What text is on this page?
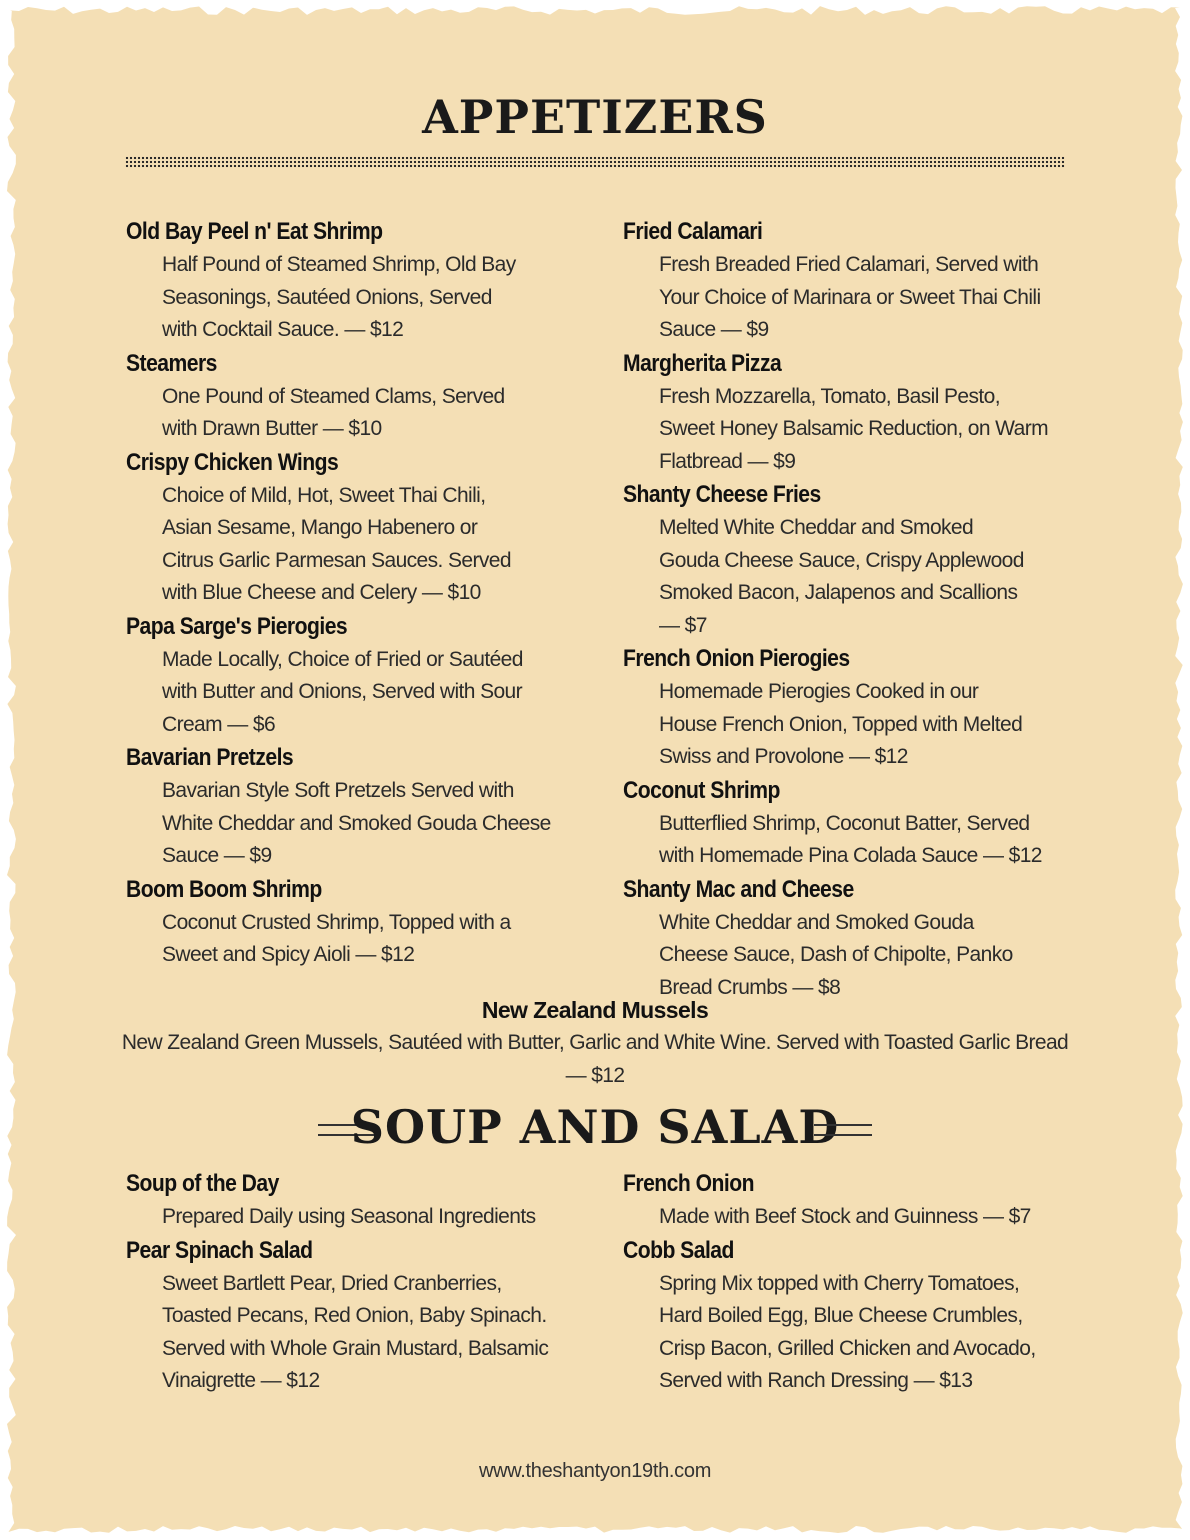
APPETIZERS
Old Bay Peel n' Eat Shrimp
Half Pound of Steamed Shrimp, Old Bay Seasonings, Sautéed Onions, Served with Cocktail Sauce. — $12
Steamers
One Pound of Steamed Clams, Served with Drawn Butter — $10
Crispy Chicken Wings
Choice of Mild, Hot, Sweet Thai Chili, Asian Sesame, Mango Habenero or Citrus Garlic Parmesan Sauces. Served with Blue Cheese and Celery — $10
Papa Sarge's Pierogies
Made Locally, Choice of Fried or Sautéed with Butter and Onions, Served with Sour Cream — $6
Bavarian Pretzels
Bavarian Style Soft Pretzels Served with White Cheddar and Smoked Gouda Cheese Sauce — $9
Boom Boom Shrimp
Coconut Crusted Shrimp, Topped with a Sweet and Spicy Aioli — $12
Fried Calamari
Fresh Breaded Fried Calamari, Served with Your Choice of Marinara or Sweet Thai Chili Sauce — $9
Margherita Pizza
Fresh Mozzarella, Tomato, Basil Pesto, Sweet Honey Balsamic Reduction, on Warm Flatbread — $9
Shanty Cheese Fries
Melted White Cheddar and Smoked Gouda Cheese Sauce, Crispy Applewood Smoked Bacon, Jalapenos and Scallions — $7
French Onion Pierogies
Homemade Pierogies Cooked in our House French Onion, Topped with Melted Swiss and Provolone — $12
Coconut Shrimp
Butterflied Shrimp, Coconut Batter, Served with Homemade Pina Colada Sauce — $12
Shanty Mac and Cheese
White Cheddar and Smoked Gouda Cheese Sauce, Dash of Chipolte, Panko Bread Crumbs — $8
New Zealand Mussels
New Zealand Green Mussels, Sautéed with Butter, Garlic and White Wine. Served with Toasted Garlic Bread — $12
SOUP AND SALAD
Soup of the Day
Prepared Daily using Seasonal Ingredients
Pear Spinach Salad
Sweet Bartlett Pear, Dried Cranberries, Toasted Pecans, Red Onion, Baby Spinach. Served with Whole Grain Mustard, Balsamic Vinaigrette — $12
French Onion
Made with Beef Stock and Guinness — $7
Cobb Salad
Spring Mix topped with Cherry Tomatoes, Hard Boiled Egg, Blue Cheese Crumbles, Crisp Bacon, Grilled Chicken and Avocado, Served with Ranch Dressing — $13
www.theshantyon19th.com
